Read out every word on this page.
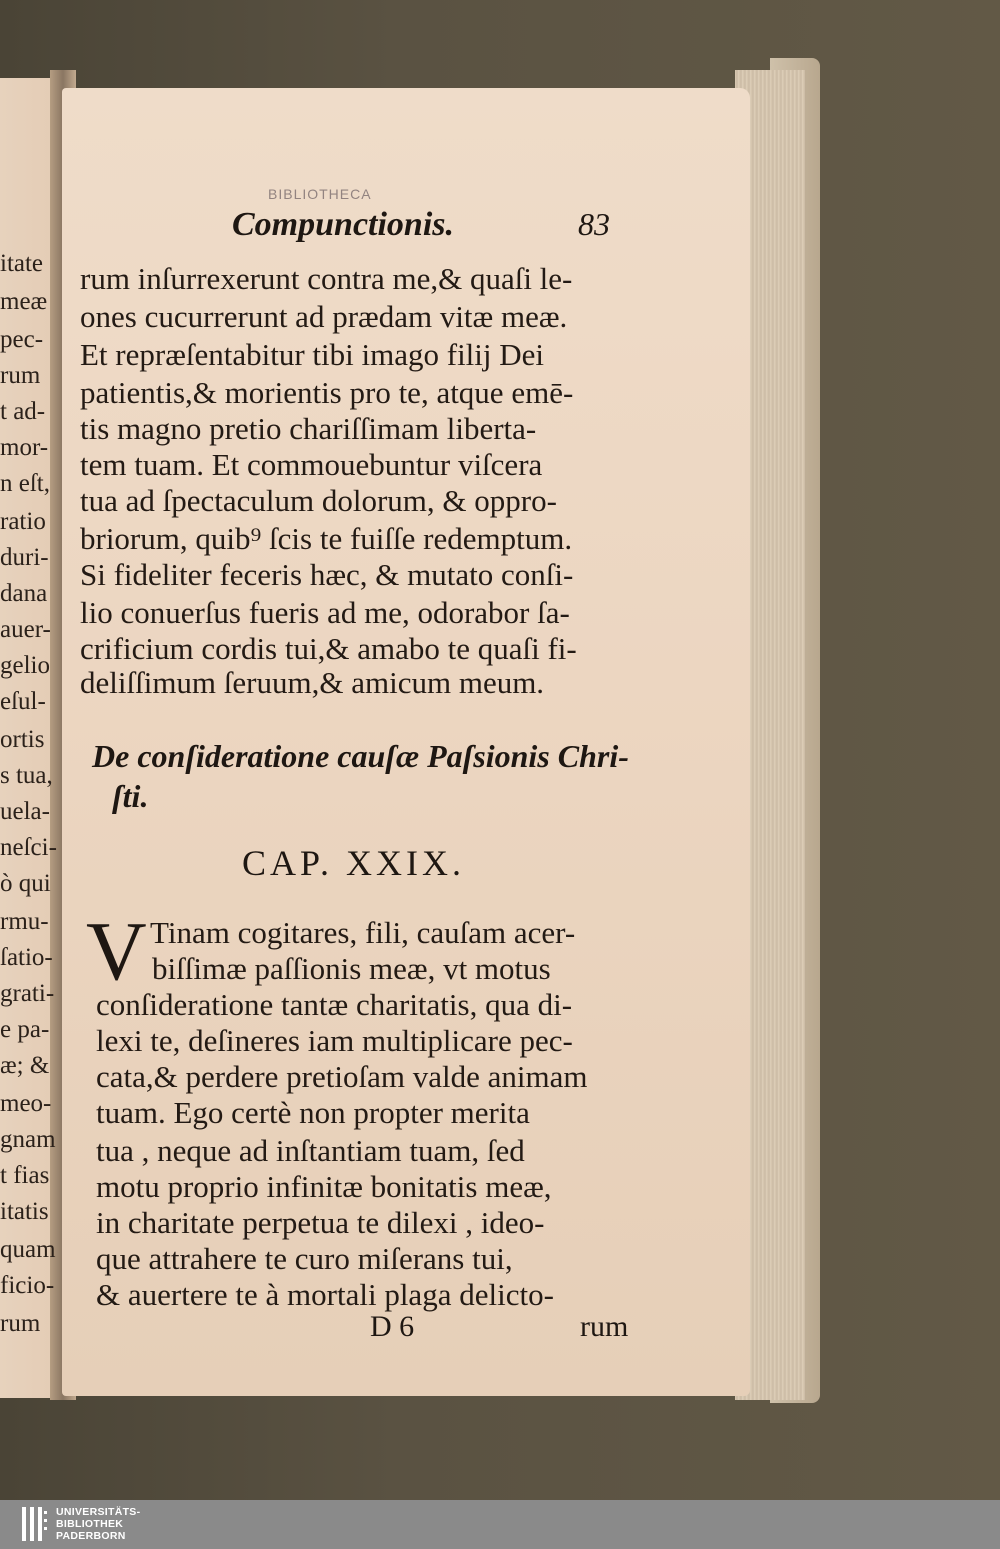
itate
meæ
pec-
rum
t ad-
mor-
n eſt,
ratio
duri-
dana
auer-
gelio
eſul-
ortis
s tua,
uela-
neſci-
ò qui
rmu-
ſatio-
grati-
e pa-
æ; &
meo-
gnam
t fias
itatis
quam
ficio-
rum
BIBLIOTHECA
Compunctionis.	83
rum inſurrexerunt contra me,& quaſi le-
ones cucurrerunt ad prædam vitæ meæ.
Et repræſentabitur tibi imago filij Dei
patientis,& morientis pro te, atque emē-
tis magno pretio chariſſimam liberta-
tem tuam. Et commouebuntur viſcera
tua ad ſpectaculum dolorum, & oppro-
briorum, quib⁹ ſcis te fuiſſe redemptum.
Si fideliter feceris hæc, & mutato conſi-
lio conuerſus fueris ad me, odorabor ſa-
crificium cordis tui,& amabo te quaſi fi-
deliſſimum ſeruum,& amicum meum.
De conſideratione cauſæ Paſsionis Chri-
ſti.
CAP. XXIX.
V Tinam cogitares, fili, cauſam acer-
biſſimæ paſſionis meæ, vt motus
conſideratione tantæ charitatis, qua di-
lexi te, deſineres iam multiplicare pec-
cata,& perdere pretioſam valde animam
tuam. Ego certè non propter merita
tua , neque ad inſtantiam tuam, ſed
motu proprio infinitæ bonitatis meæ,
in charitate perpetua te dilexi , ideo-
que attrahere te curo miſerans tui,
& auertere te à mortali plaga delicto-
D 6	rum
UNIVERSITÄTS-
BIBLIOTHEK
PADERBORN
